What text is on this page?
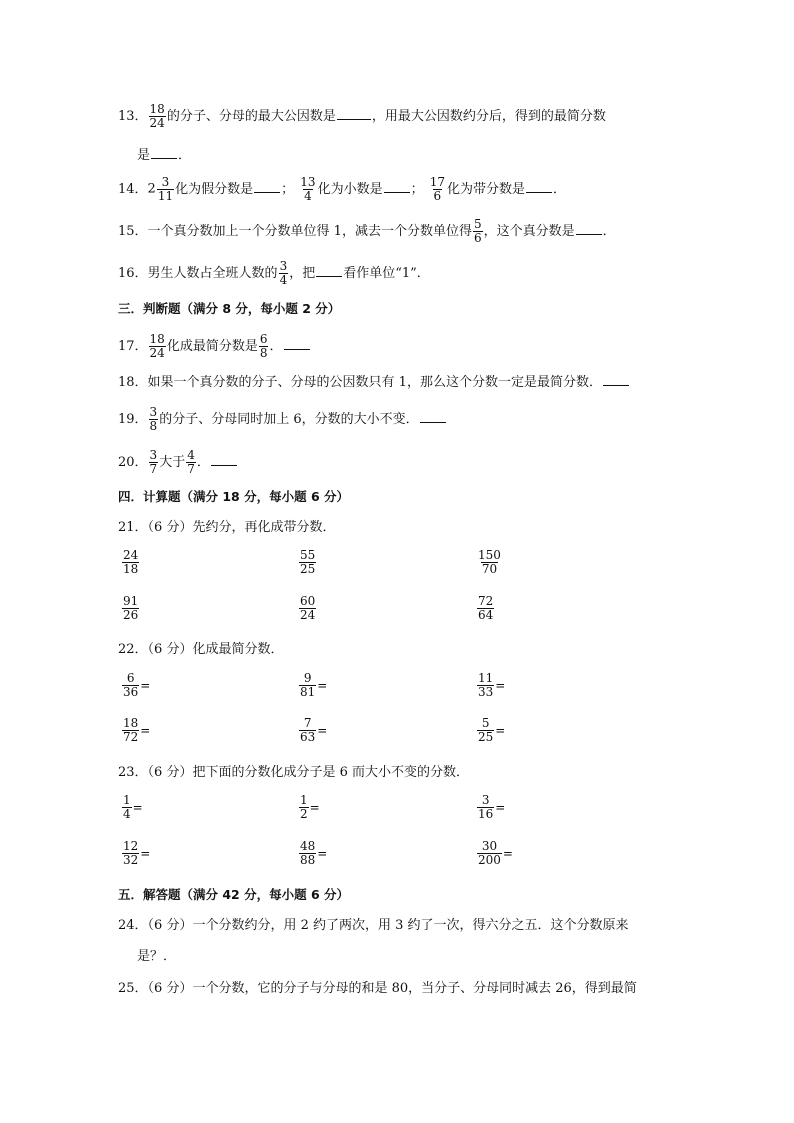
13． $\frac{18}{24}$ 的分子、分母的最大公因数是	，用最大公因数约分后，得到的最简分数
是 ．
14．$2 \frac{3}{11}$ 化为假分数是 ； $\frac{13}{4}$ 化为小数是 ； $\frac{17}{6}$ 化为带分数是 ．
15．一个真分数加上一个分数单位得 1，减去一个分数单位得 $\frac{5}{6}$ ，这个真分数是 ．
16．男生人数占全班人数的 $\frac{3}{4}$ ，把 看作单位“1”．
三．判断题（满分 8 分，每小题 2 分）
17． $\frac{18}{24}$ 化成最简分数是 $\frac{6}{8}$ ．
18．如果一个真分数的分子、分母的公因数只有 1，那么这个分数一定是最简分数．
19． $\frac{3}{8}$ 的分子、分母同时加上 6，分数的大小不变．
20． $\frac{3}{7}$ 大于 $\frac{4}{7}$ ．
四．计算题（满分 18 分，每小题 6 分）
21．（6 分）先约分，再化成带分数．
$\frac{24}{18}$	$\frac{55}{25}$	$\frac{150}{70}$
$\frac{91}{26}$	$\frac{60}{24}$	$\frac{72}{64}$
22．（6 分）化成最简分数．
$\frac{6}{36}$ =	$\frac{9}{81}$ =	$\frac{11}{33}$ =
$\frac{18}{72}$ =	$\frac{7}{63}$ =	$\frac{5}{25}$ =
23．（6 分）把下面的分数化成分子是 6 而大小不变的分数．
$\frac{1}{4}$ =	$\frac{1}{2}$ =	$\frac{3}{16}$ =
$\frac{12}{32}$ =	$\frac{48}{88}$ =	$\frac{30}{200}$ =
五．解答题（满分 42 分，每小题 6 分）
24．（6 分）一个分数约分，用 2 约了两次，用 3 约了一次，得六分之五．这个分数原来
是？．
25．（6 分）一个分数，它的分子与分母的和是 80，当分子、分母同时减去 26，得到最简
